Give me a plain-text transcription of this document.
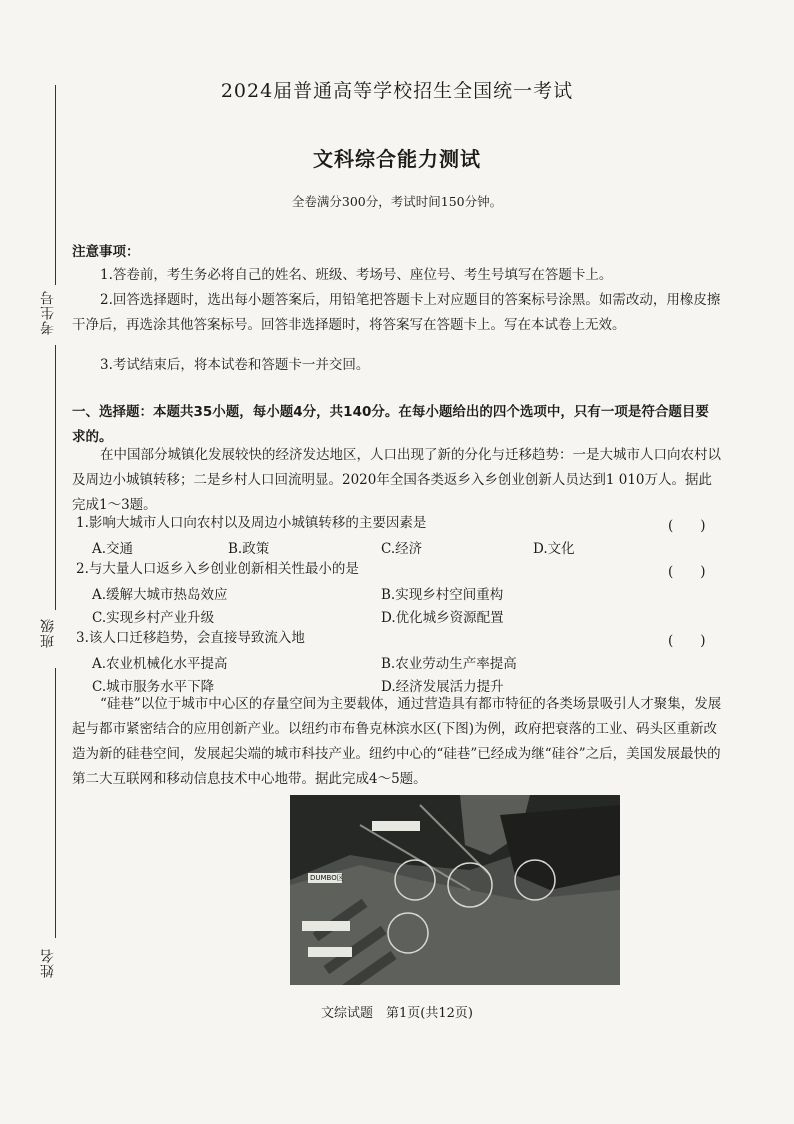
考生号
班级
姓名
2024届普通高等学校招生全国统一考试
文科综合能力测试
全卷满分300分，考试时间150分钟。
注意事项：
1.答卷前，考生务必将自己的姓名、班级、考场号、座位号、考生号填写在答题卡上。
2.回答选择题时，选出每小题答案后，用铅笔把答题卡上对应题目的答案标号涂黑。如需改动，用橡皮擦干净后，再选涂其他答案标号。回答非选择题时，将答案写在答题卡上。写在本试卷上无效。
3.考试结束后，将本试卷和答题卡一并交回。
一、选择题：本题共35小题，每小题4分，共140分。在每小题给出的四个选项中，只有一项是符合题目要求的。
在中国部分城镇化发展较快的经济发达地区，人口出现了新的分化与迁移趋势：一是大城市人口向农村以及周边小城镇转移；二是乡村人口回流明显。2020年全国各类返乡入乡创业创新人员达到1 010万人。据此完成1～3题。
1.影响大城市人口向农村以及周边小城镇转移的主要因素是	(　　)
A.交通	B.政策	C.经济	D.文化
2.与大量人口返乡入乡创业创新相关性最小的是	(　　)
A.缓解大城市热岛效应	B.实现乡村空间重构
C.实现乡村产业升级	D.优化城乡资源配置
3.该人口迁移趋势，会直接导致流入地	(　　)
A.农业机械化水平提高	B.农业劳动生产率提高
C.城市服务水平下降	D.经济发展活力提升
“硅巷”以位于城市中心区的存量空间为主要载体，通过营造具有都市特征的各类场景吸引人才聚集，发展起与都市紧密结合的应用创新产业。以纽约市布鲁克林滨水区(下图)为例，政府把衰落的工业、码头区重新改造为新的硅巷空间，发展起尖端的城市科技产业。纽约中心的“硅巷”已经成为继“硅谷”之后，美国发展最快的第二大互联网和移动信息技术中心地带。据此完成4～5题。
DUMBO区
文综试题　第1页(共12页)
